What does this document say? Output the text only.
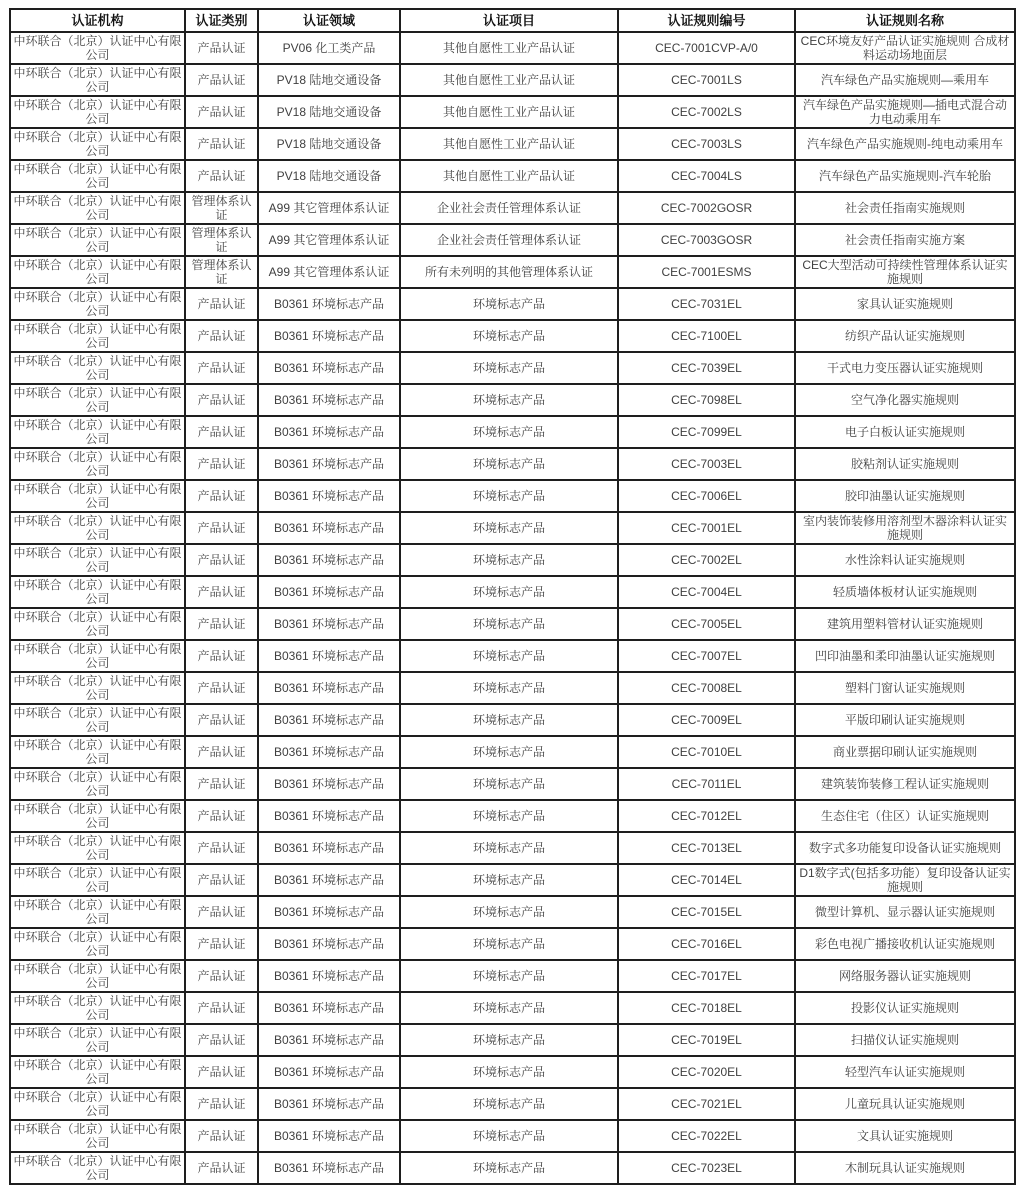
认证机构	认证类别	认证领域	认证项目	认证规则编号	认证规则名称
中环联合（北京）认证中心有限公司	产品认证	PV06 化工类产品	其他自愿性工业产品认证	CEC-7001CVP-A/0	CEC环境友好产品认证实施规则 合成材料运动场地面层
中环联合（北京）认证中心有限公司	产品认证	PV18 陆地交通设备	其他自愿性工业产品认证	CEC-7001LS	汽车绿色产品实施规则—乘用车
中环联合（北京）认证中心有限公司	产品认证	PV18 陆地交通设备	其他自愿性工业产品认证	CEC-7002LS	汽车绿色产品实施规则—插电式混合动力电动乘用车
中环联合（北京）认证中心有限公司	产品认证	PV18 陆地交通设备	其他自愿性工业产品认证	CEC-7003LS	汽车绿色产品实施规则-纯电动乘用车
中环联合（北京）认证中心有限公司	产品认证	PV18 陆地交通设备	其他自愿性工业产品认证	CEC-7004LS	汽车绿色产品实施规则-汽车轮胎
中环联合（北京）认证中心有限公司	管理体系认证	A99 其它管理体系认证	企业社会责任管理体系认证	CEC-7002GOSR	社会责任指南实施规则
中环联合（北京）认证中心有限公司	管理体系认证	A99 其它管理体系认证	企业社会责任管理体系认证	CEC-7003GOSR	社会责任指南实施方案
中环联合（北京）认证中心有限公司	管理体系认证	A99 其它管理体系认证	所有未列明的其他管理体系认证	CEC-7001ESMS	CEC大型活动可持续性管理体系认证实施规则
中环联合（北京）认证中心有限公司	产品认证	B0361 环境标志产品	环境标志产品	CEC-7031EL	家具认证实施规则
中环联合（北京）认证中心有限公司	产品认证	B0361 环境标志产品	环境标志产品	CEC-7100EL	纺织产品认证实施规则
中环联合（北京）认证中心有限公司	产品认证	B0361 环境标志产品	环境标志产品	CEC-7039EL	干式电力变压器认证实施规则
中环联合（北京）认证中心有限公司	产品认证	B0361 环境标志产品	环境标志产品	CEC-7098EL	空气净化器实施规则
中环联合（北京）认证中心有限公司	产品认证	B0361 环境标志产品	环境标志产品	CEC-7099EL	电子白板认证实施规则
中环联合（北京）认证中心有限公司	产品认证	B0361 环境标志产品	环境标志产品	CEC-7003EL	胶粘剂认证实施规则
中环联合（北京）认证中心有限公司	产品认证	B0361 环境标志产品	环境标志产品	CEC-7006EL	胶印油墨认证实施规则
中环联合（北京）认证中心有限公司	产品认证	B0361 环境标志产品	环境标志产品	CEC-7001EL	室内装饰装修用溶剂型木器涂料认证实施规则
中环联合（北京）认证中心有限公司	产品认证	B0361 环境标志产品	环境标志产品	CEC-7002EL	水性涂料认证实施规则
中环联合（北京）认证中心有限公司	产品认证	B0361 环境标志产品	环境标志产品	CEC-7004EL	轻质墙体板材认证实施规则
中环联合（北京）认证中心有限公司	产品认证	B0361 环境标志产品	环境标志产品	CEC-7005EL	建筑用塑料管材认证实施规则
中环联合（北京）认证中心有限公司	产品认证	B0361 环境标志产品	环境标志产品	CEC-7007EL	凹印油墨和柔印油墨认证实施规则
中环联合（北京）认证中心有限公司	产品认证	B0361 环境标志产品	环境标志产品	CEC-7008EL	塑料门窗认证实施规则
中环联合（北京）认证中心有限公司	产品认证	B0361 环境标志产品	环境标志产品	CEC-7009EL	平版印刷认证实施规则
中环联合（北京）认证中心有限公司	产品认证	B0361 环境标志产品	环境标志产品	CEC-7010EL	商业票据印刷认证实施规则
中环联合（北京）认证中心有限公司	产品认证	B0361 环境标志产品	环境标志产品	CEC-7011EL	建筑装饰装修工程认证实施规则
中环联合（北京）认证中心有限公司	产品认证	B0361 环境标志产品	环境标志产品	CEC-7012EL	生态住宅（住区）认证实施规则
中环联合（北京）认证中心有限公司	产品认证	B0361 环境标志产品	环境标志产品	CEC-7013EL	数字式多功能复印设备认证实施规则
中环联合（北京）认证中心有限公司	产品认证	B0361 环境标志产品	环境标志产品	CEC-7014EL	D1数字式(包括多功能）复印设备认证实施规则
中环联合（北京）认证中心有限公司	产品认证	B0361 环境标志产品	环境标志产品	CEC-7015EL	微型计算机、显示器认证实施规则
中环联合（北京）认证中心有限公司	产品认证	B0361 环境标志产品	环境标志产品	CEC-7016EL	彩色电视广播接收机认证实施规则
中环联合（北京）认证中心有限公司	产品认证	B0361 环境标志产品	环境标志产品	CEC-7017EL	网络服务器认证实施规则
中环联合（北京）认证中心有限公司	产品认证	B0361 环境标志产品	环境标志产品	CEC-7018EL	投影仪认证实施规则
中环联合（北京）认证中心有限公司	产品认证	B0361 环境标志产品	环境标志产品	CEC-7019EL	扫描仪认证实施规则
中环联合（北京）认证中心有限公司	产品认证	B0361 环境标志产品	环境标志产品	CEC-7020EL	轻型汽车认证实施规则
中环联合（北京）认证中心有限公司	产品认证	B0361 环境标志产品	环境标志产品	CEC-7021EL	儿童玩具认证实施规则
中环联合（北京）认证中心有限公司	产品认证	B0361 环境标志产品	环境标志产品	CEC-7022EL	文具认证实施规则
中环联合（北京）认证中心有限公司	产品认证	B0361 环境标志产品	环境标志产品	CEC-7023EL	木制玩具认证实施规则
